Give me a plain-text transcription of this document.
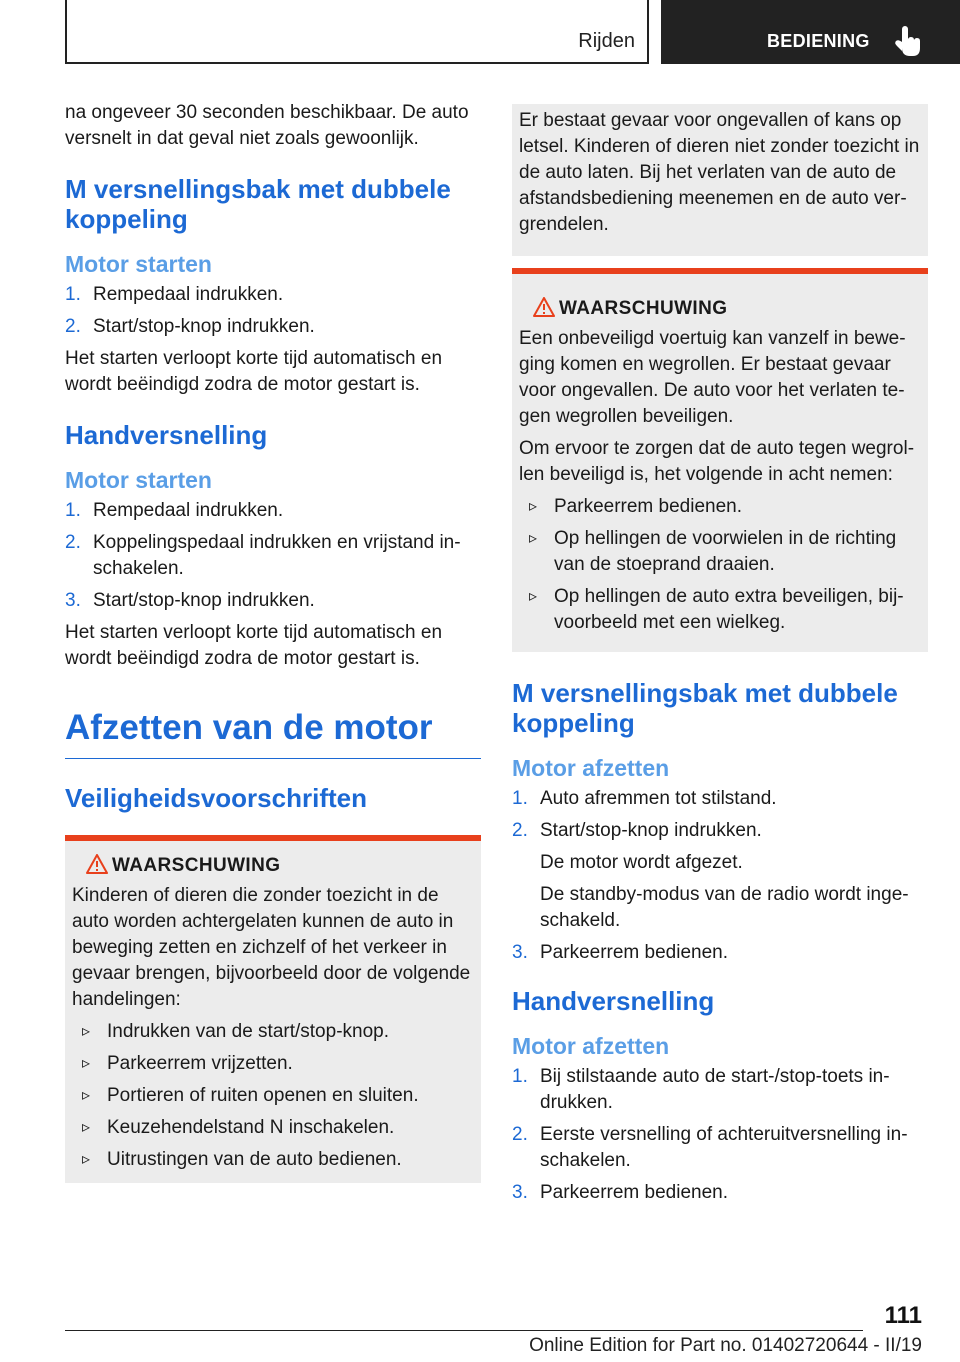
Rijden	BEDIENING

na ongeveer 30 seconden beschikbaar. De auto versnelt in dat geval niet zoals gewoonlijk.

M versnellingsbak met dubbele koppeling
Motor starten
1. Rempedaal indrukken.
2. Start/stop-knop indrukken.

Het starten verloopt korte tijd automatisch en wordt beëindigd zodra de motor gestart is.

Handversnelling
Motor starten
1. Rempedaal indrukken.
2. Koppelingspedaal indrukken en vrijstand inschakelen.
3. Start/stop-knop indrukken.

Het starten verloopt korte tijd automatisch en wordt beëindigd zodra de motor gestart is.

Afzetten van de motor
Veiligheidsvoorschriften
WAARSCHUWING

Kinderen of dieren die zonder toezicht in de auto worden achtergelaten kunnen de auto in beweging zetten en zichzelf of het verkeer in gevaar brengen, bijvoorbeeld door de volgende handelingen:

▹ Indrukken van de start/stop-knop.
▹ Parkeerrem vrijzetten.
▹ Portieren of ruiten openen en sluiten.
▹ Keuzehendelstand N inschakelen.
▹ Uitrustingen van de auto bedienen.

Er bestaat gevaar voor ongevallen of kans op letsel. Kinderen of dieren niet zonder toezicht in de auto laten. Bij het verlaten van de auto de afstandsbediening meenemen en de auto vergrendelen.

WAARSCHUWING

Een onbeveiligd voertuig kan vanzelf in beweging komen en wegrollen. Er bestaat gevaar voor ongevallen. De auto voor het verlaten tegen wegrollen beveiligen.

Om ervoor te zorgen dat de auto tegen wegrollen beveiligd is, het volgende in acht nemen:

▹ Parkeerrem bedienen.
▹ Op hellingen de voorwielen in de richting van de stoeprand draaien.
▹ Op hellingen de auto extra beveiligen, bijvoorbeeld met een wielkeg.
M versnellingsbak met dubbele koppeling
Motor afzetten
1. Auto afremmen tot stilstand.
2. Start/stop-knop indrukken.
De motor wordt afgezet.
De standby-modus van de radio wordt ingeschakeld.
3. Parkeerrem bedienen.
Handversnelling
Motor afzetten
1. Bij stilstaande auto de start-/stop-toets indrukken.
2. Eerste versnelling of achteruitversnelling inschakelen.
3. Parkeerrem bedienen.
111
Online Edition for Part no. 01402720644 - II/19
